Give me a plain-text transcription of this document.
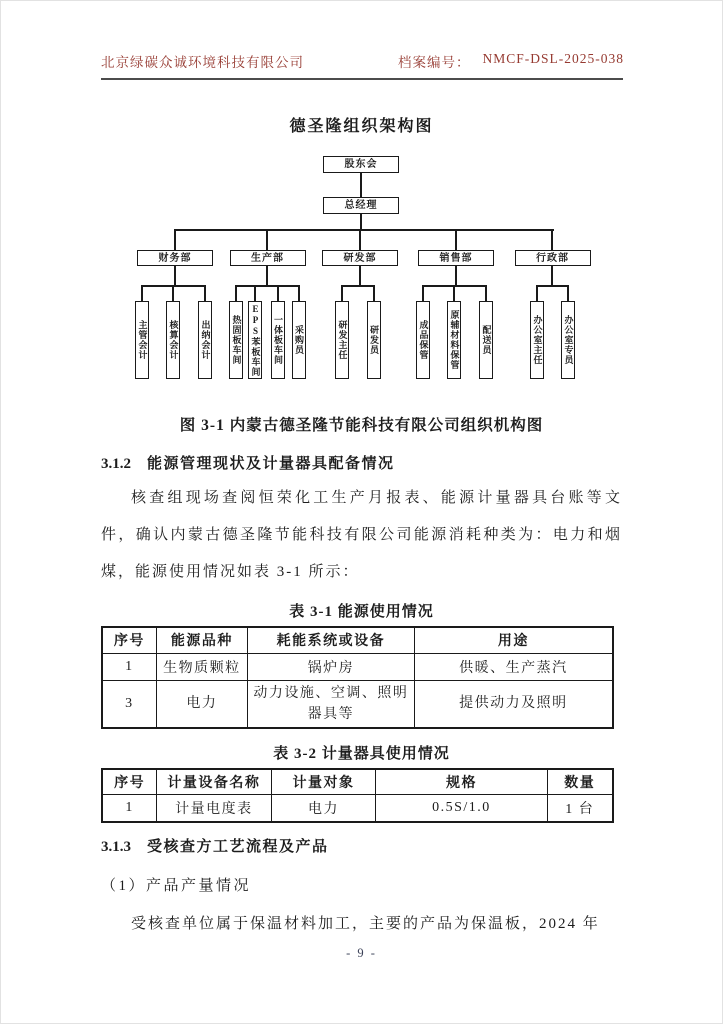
北京绿碳众诚环境科技有限公司	档案编号： NMCF-DSL-2025-038
德圣隆组织架构图
股东会
总经理
财务部	生产部	研发部	销售部	行政部
主管会计 核算会计 出纳会计 热固板车间 EPS苯板车间 一体板车间 采购员	研发主任 研发员	成品保管 原辅材料保管 配送员	办公室主任 办公室专员
图 3-1 内蒙古德圣隆节能科技有限公司组织机构图
3.1.2 能源管理现状及计量器具配备情况

核查组现场查阅恒荣化工生产月报表、能源计量器具台账等文件，确认内蒙古德圣隆节能科技有限公司能源消耗种类为：电力和烟煤，能源使用情况如表 3-1 所示：

表 3-1 能源使用情况
序号	能源品种	耗能系统或设备	用途
1	生物质颗粒	锅炉房	供暖、生产蒸汽
3	电力	动力设施、空调、照明器具等	提供动力及照明
表 3-2 计量器具使用情况
序号	计量设备名称	计量对象	规格	数量
1	计量电度表	电力	0.5S/1.0	1 台
3.1.3 受核查方工艺流程及产品

（1）产品产量情况

受核查单位属于保温材料加工，主要的产品为保温板，2024 年

- 9 -
